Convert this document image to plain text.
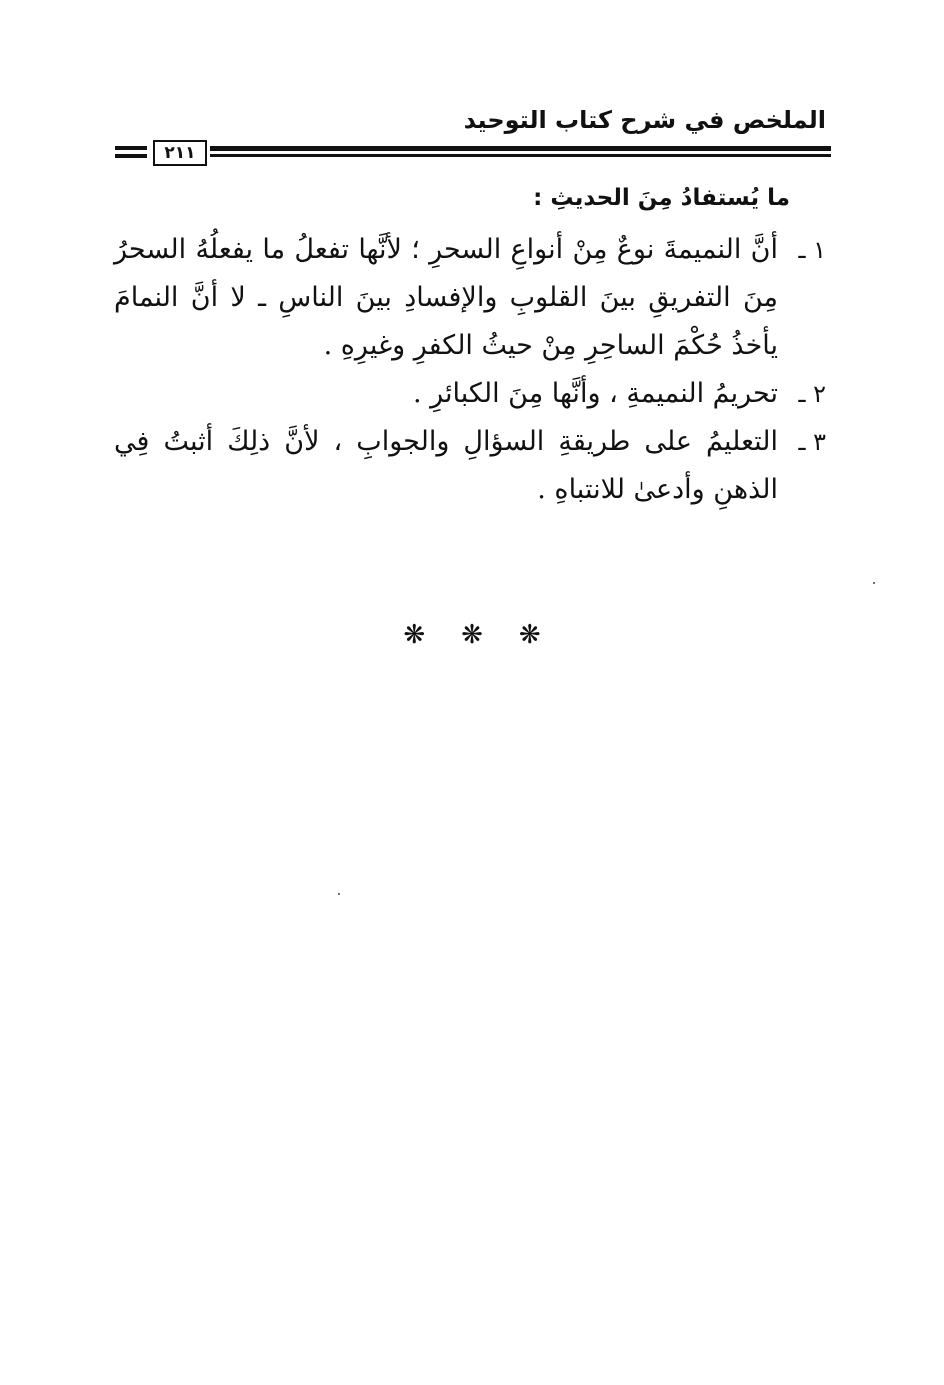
الملخص في شرح كتاب التوحيد
٢١١
ما يُستفادُ مِنَ الحديثِ :
١ ـ
أنَّ النميمةَ نوعٌ مِنْ أنواعِ السحرِ ؛ لأنَّها تفعلُ ما يفعلُهُ السحرُ مِنَ التفريقِ بينَ القلوبِ والإفسادِ بينَ الناسِ ـ لا أنَّ النمامَ يأخذُ حُكْمَ الساحِرِ مِنْ حيثُ الكفرِ وغيرِهِ .
٢ ـ
تحريمُ النميمةِ ، وأنَّها مِنَ الكبائرِ .
٣ ـ
التعليمُ على طريقةِ السؤالِ والجوابِ ، لأنَّ ذلِكَ أثبتُ فِي الذهنِ وأدعىٰ للانتباهِ .
❋❋❋
